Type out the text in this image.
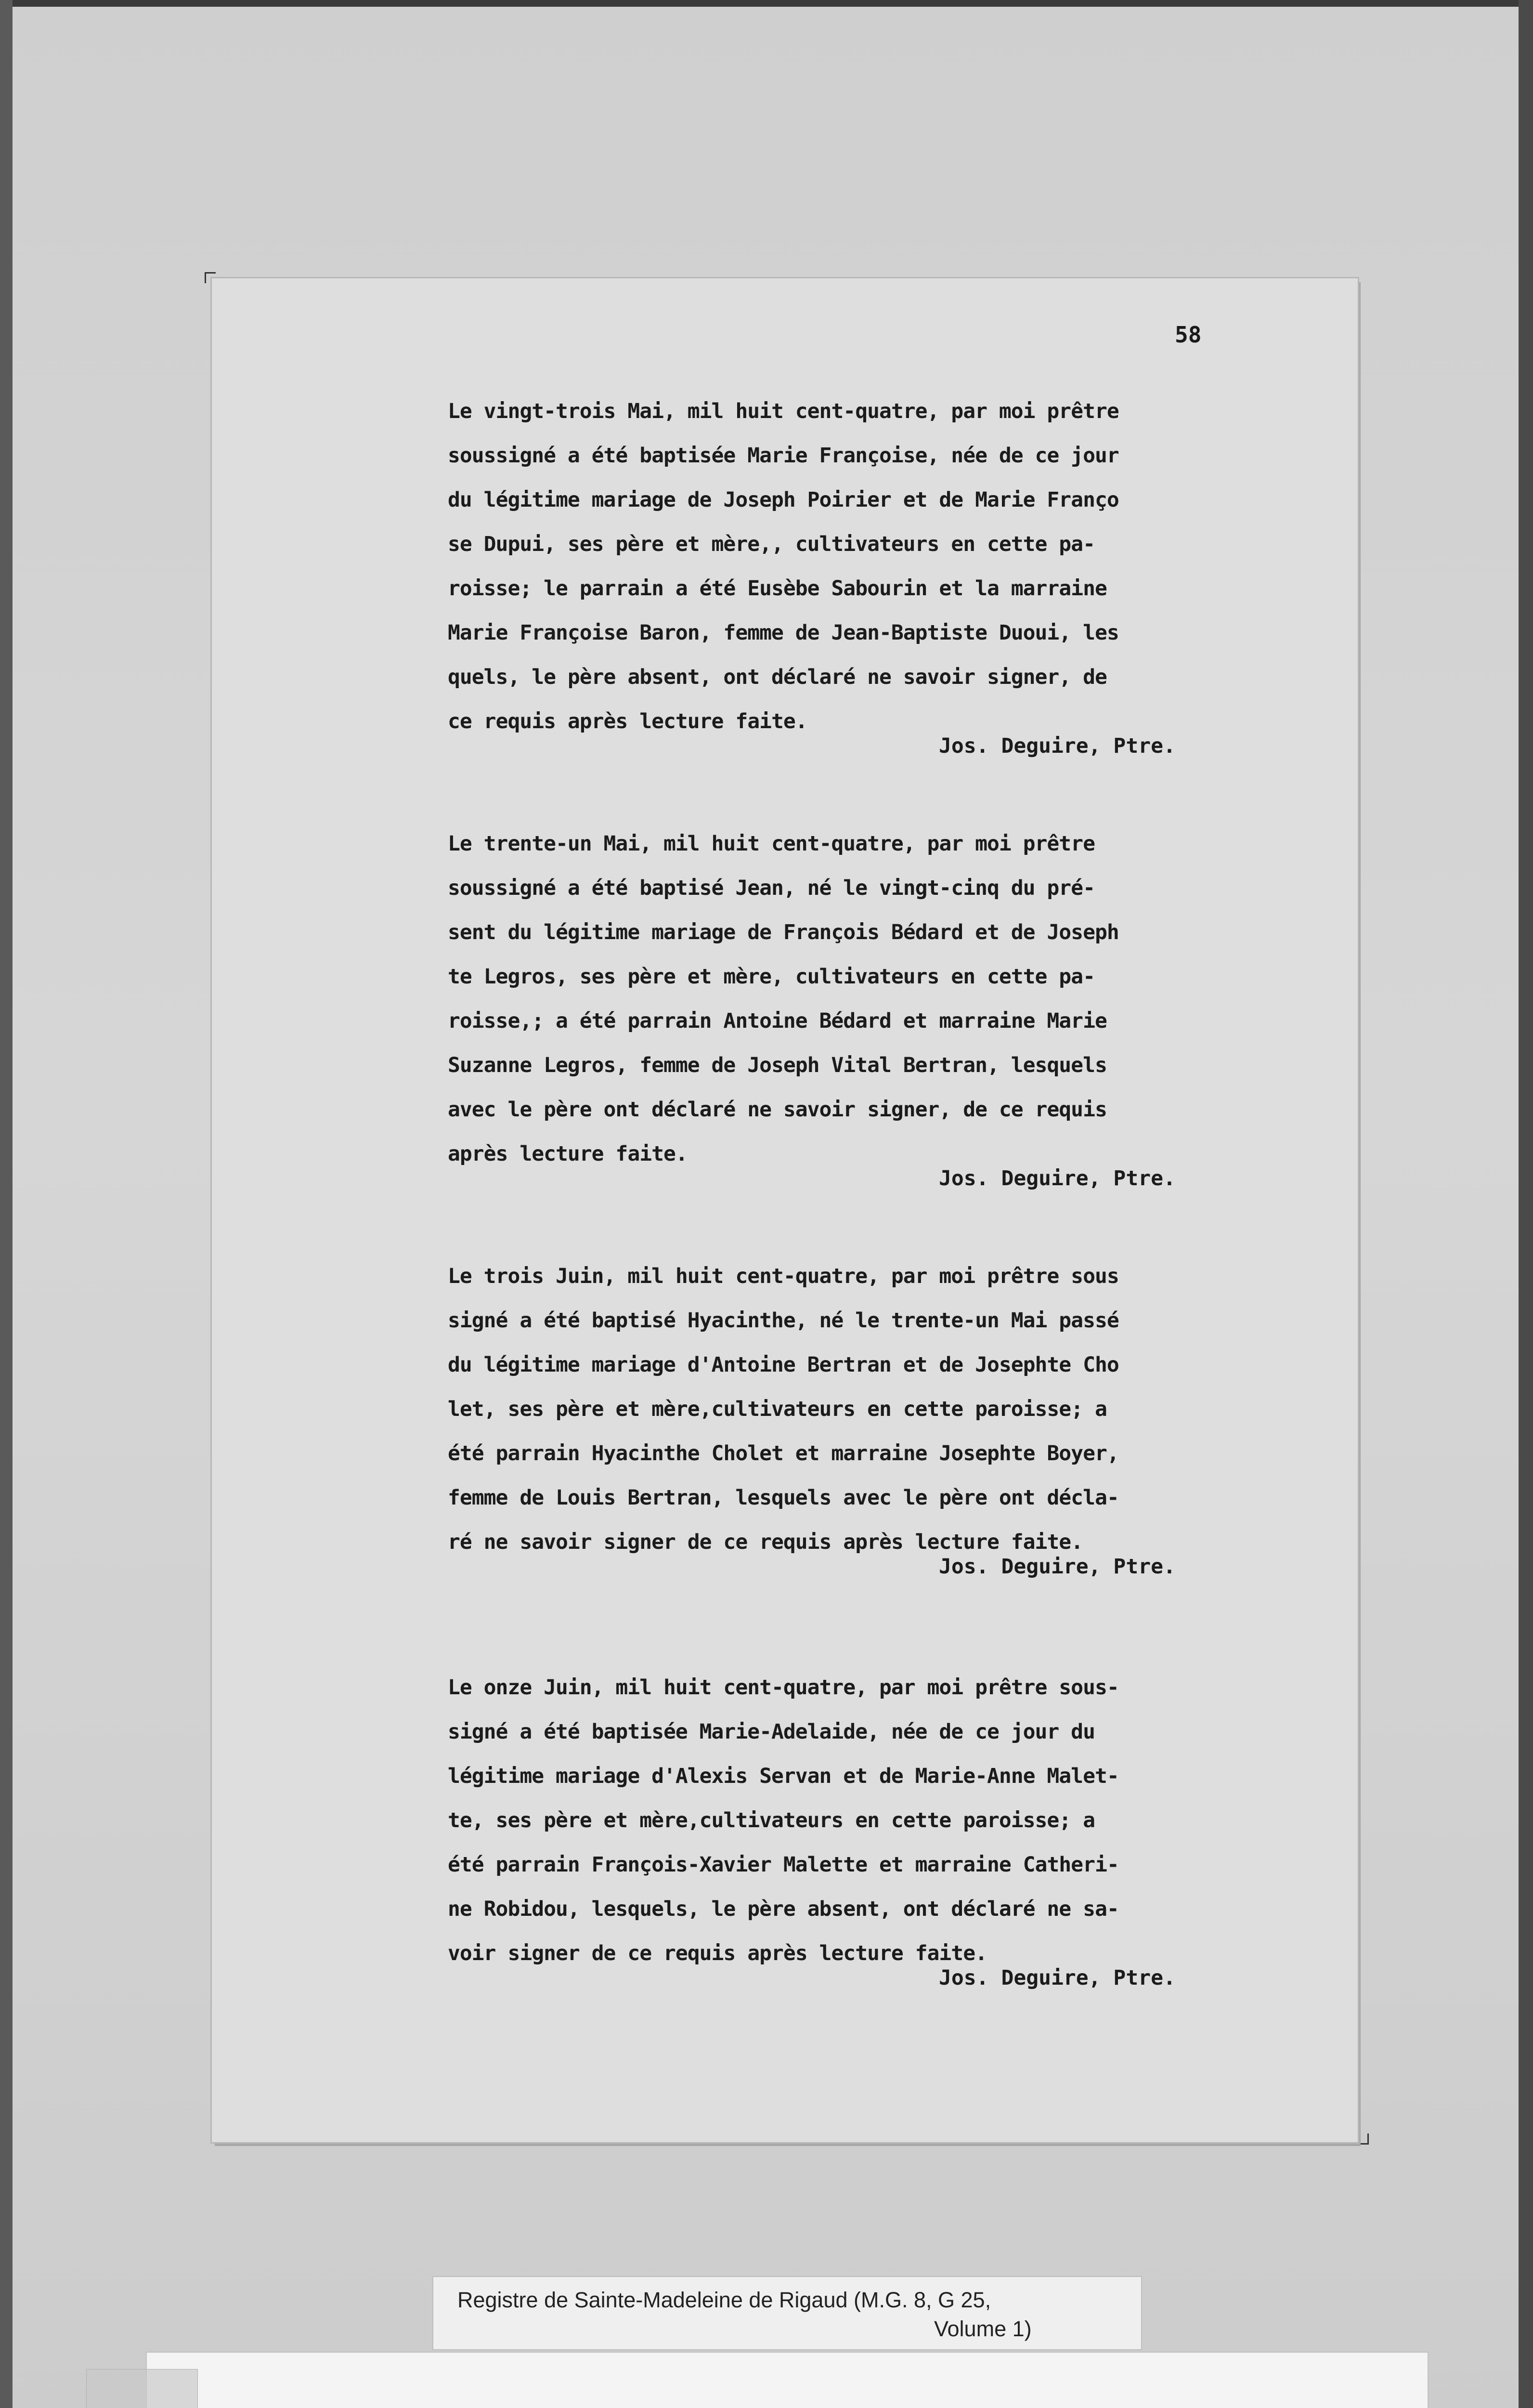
58
Le vingt-trois Mai, mil huit cent-quatre, par moi prêtre
soussigné a été baptisée Marie Françoise, née de ce jour
du légitime mariage de Joseph Poirier et de Marie Franço
se Dupui, ses père et mère,, cultivateurs en cette pa-
roisse; le parrain a été Eusèbe Sabourin et la marraine
Marie Françoise Baron, femme de Jean-Baptiste Duoui, les
quels, le père absent, ont déclaré ne savoir signer, de
ce requis après lecture faite.
Jos. Deguire, Ptre.
Le trente-un Mai, mil huit cent-quatre, par moi prêtre
soussigné a été baptisé Jean, né le vingt-cinq du pré-
sent du légitime mariage de François Bédard et de Joseph
te Legros, ses père et mère, cultivateurs en cette pa-
roisse,; a été parrain Antoine Bédard et marraine Marie
Suzanne Legros, femme de Joseph Vital Bertran, lesquels
avec le père ont déclaré ne savoir signer, de ce requis
après lecture faite.
Jos. Deguire, Ptre.
Le trois Juin, mil huit cent-quatre, par moi prêtre sous
signé a été baptisé Hyacinthe, né le trente-un Mai passé
du légitime mariage d'Antoine Bertran et de Josephte Cho
let, ses père et mère,cultivateurs en cette paroisse; a
été parrain Hyacinthe Cholet et marraine Josephte Boyer,
femme de Louis Bertran, lesquels avec le père ont décla-
ré ne savoir signer de ce requis après lecture faite.
Jos. Deguire, Ptre.
Le onze Juin, mil huit cent-quatre, par moi prêtre sous-
signé a été baptisée Marie-Adelaide, née de ce jour du
légitime mariage d'Alexis Servan et de Marie-Anne Malet-
te, ses père et mère,cultivateurs en cette paroisse; a
été parrain François-Xavier Malette et marraine Catheri-
ne Robidou, lesquels, le père absent, ont déclaré ne sa-
voir signer de ce requis après lecture faite.
Jos. Deguire, Ptre.
Registre de Sainte-Madeleine de Rigaud (M.G. 8, G 25,
Volume 1)
